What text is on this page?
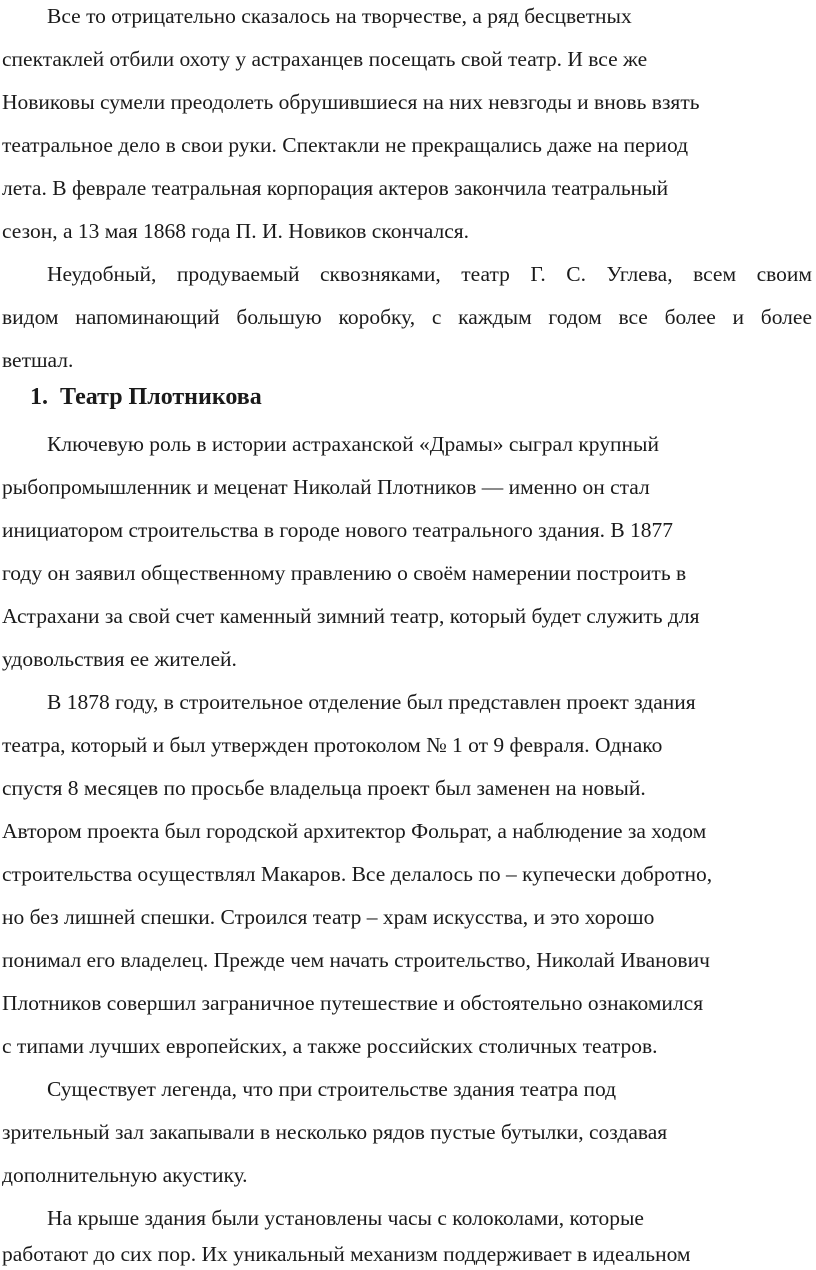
Все то отрицательно сказалось на творчестве, а ряд бесцветных
спектаклей отбили охоту у астраханцев посещать свой театр. И все же
Новиковы сумели преодолеть обрушившиеся на них невзгоды и вновь взять
театральное дело в свои руки. Спектакли не прекращались даже на период
лета. В феврале театральная корпорация актеров закончила театральный
сезон, а 13 мая 1868 года П. И. Новиков скончался.
Неудобный, продуваемый сквозняками, театр Г. С. Углева, всем своим
видом напоминающий большую коробку, с каждым годом все более и более
ветшал.
1. Театр Плотникова
Ключевую роль в истории астраханской «Драмы» сыграл крупный
рыбопромышленник и меценат Николай Плотников — именно он стал
инициатором строительства в городе нового театрального здания. В 1877
году он заявил общественному правлению о своём намерении построить в
Астрахани за свой счет каменный зимний театр, который будет служить для
удовольствия ее жителей.
В 1878 году, в строительное отделение был представлен проект здания
театра, который и был утвержден протоколом № 1 от 9 февраля. Однако
спустя 8 месяцев по просьбе владельца проект был заменен на новый.
Автором проекта был городской архитектор Фольрат, а наблюдение за ходом
строительства осуществлял Макаров. Все делалось по – купечески добротно,
но без лишней спешки. Строился театр – храм искусства, и это хорошо
понимал его владелец. Прежде чем начать строительство, Николай Иванович
Плотников совершил заграничное путешествие и обстоятельно ознакомился
с типами лучших европейских, а также российских столичных театров.
Существует легенда, что при строительстве здания театра под
зрительный зал закапывали в несколько рядов пустые бутылки, создавая
дополнительную акустику.
На крыше здания были установлены часы с колоколами, которые
работают до сих пор. Их уникальный механизм поддерживает в идеальном
